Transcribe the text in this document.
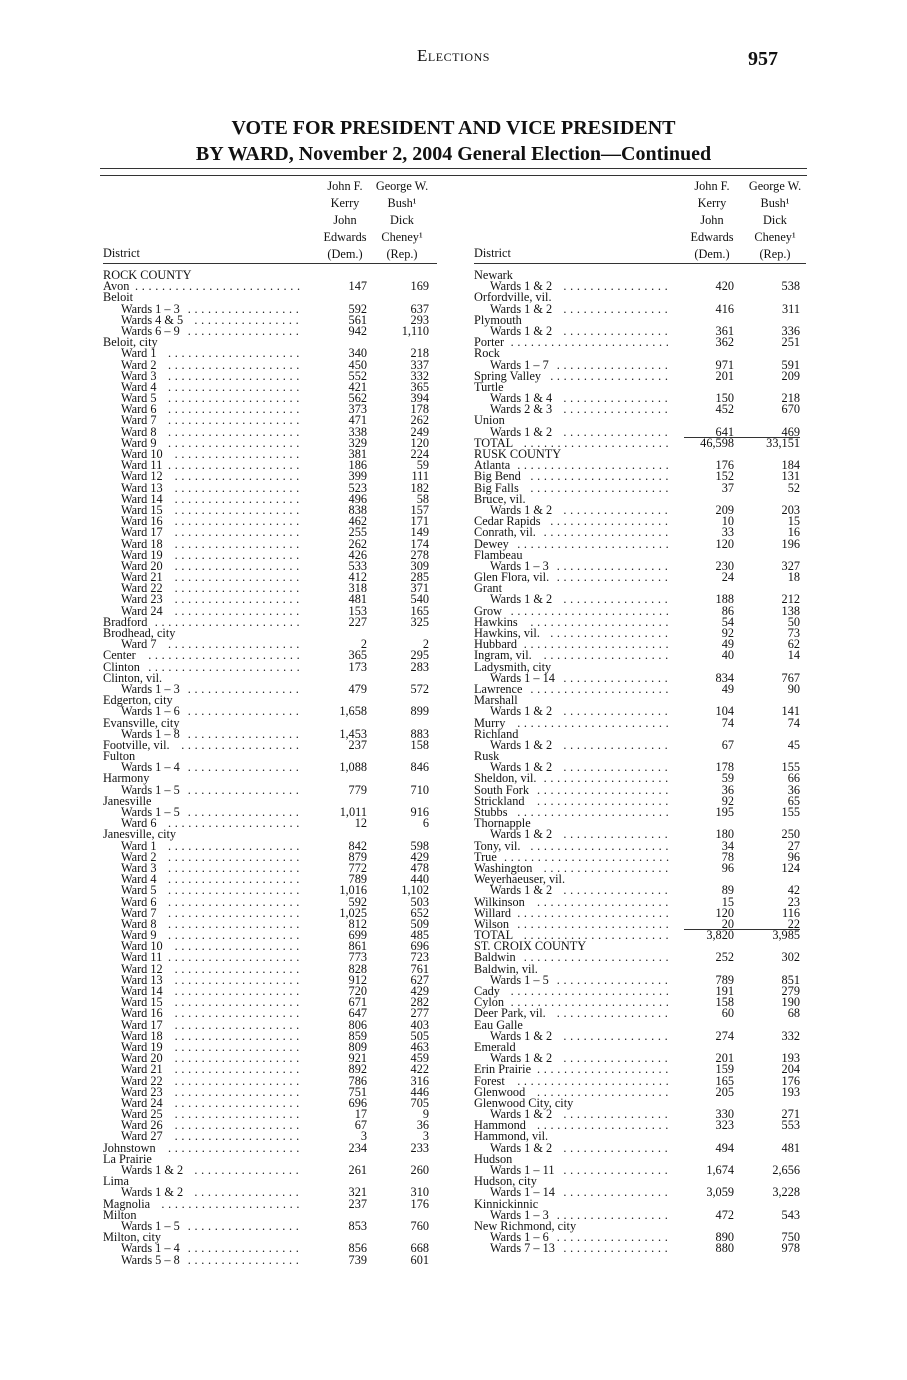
Elections	957
VOTE FOR PRESIDENT AND VICE PRESIDENT
BY WARD, November 2, 2004 General Election—Continued
John F.
Kerry
John
Edwards
(Dem.)
George W.
Bush¹
Dick
Cheney¹
(Rep.)
District
ROCK COUNTY
Avon . . . . . . . . . . . . . . . . . . . . . . . . .	147	169
Beloit
Wards 1 – 3 . . . . . . . . . . . . . . . . .	592	637
Wards 4 & 5 . . . . . . . . . . . . . . . .	561	293
Wards 6 – 9 . . . . . . . . . . . . . . . . .	942	1,110
Beloit, city
Ward 1 . . . . . . . . . . . . . . . . . . . .	340	218
Ward 2 . . . . . . . . . . . . . . . . . . . .	450	337
Ward 3 . . . . . . . . . . . . . . . . . . . .	552	332
Ward 4 . . . . . . . . . . . . . . . . . . . .	421	365
Ward 5 . . . . . . . . . . . . . . . . . . . .	562	394
Ward 6 . . . . . . . . . . . . . . . . . . . .	373	178
Ward 7 . . . . . . . . . . . . . . . . . . . .	471	262
Ward 8 . . . . . . . . . . . . . . . . . . . .	338	249
Ward 9 . . . . . . . . . . . . . . . . . . . .	329	120
Ward 10 . . . . . . . . . . . . . . . . . . .	381	224
Ward 11 . . . . . . . . . . . . . . . . . . . .	186	59
Ward 12 . . . . . . . . . . . . . . . . . . .	399	111
Ward 13 . . . . . . . . . . . . . . . . . . .	523	182
Ward 14 . . . . . . . . . . . . . . . . . . .	496	58
Ward 15 . . . . . . . . . . . . . . . . . . .	838	157
Ward 16 . . . . . . . . . . . . . . . . . . .	462	171
Ward 17 . . . . . . . . . . . . . . . . . . .	255	149
Ward 18 . . . . . . . . . . . . . . . . . . .	262	174
Ward 19 . . . . . . . . . . . . . . . . . . .	426	278
Ward 20 . . . . . . . . . . . . . . . . . . .	533	309
Ward 21 . . . . . . . . . . . . . . . . . . .	412	285
Ward 22 . . . . . . . . . . . . . . . . . . .	318	371
Ward 23 . . . . . . . . . . . . . . . . . . .	481	540
Ward 24 . . . . . . . . . . . . . . . . . . .	153	165
Bradford . . . . . . . . . . . . . . . . . . . . . .	227	325
Brodhead, city
Ward 7 . . . . . . . . . . . . . . . . . . . .	2	2
Center . . . . . . . . . . . . . . . . . . . . . . .	365	295
Clinton . . . . . . . . . . . . . . . . . . . . . . .	173	283
Clinton, vil.
Wards 1 – 3 . . . . . . . . . . . . . . . . .	479	572
Edgerton, city
Wards 1 – 6 . . . . . . . . . . . . . . . . .	1,658	899
Evansville, city
Wards 1 – 8 . . . . . . . . . . . . . . . . .	1,453	883
Footville, vil. . . . . . . . . . . . . . . . . . .	237	158
Fulton
Wards 1 – 4 . . . . . . . . . . . . . . . . .	1,088	846
Harmony
Wards 1 – 5 . . . . . . . . . . . . . . . . .	779	710
Janesville
Wards 1 – 5 . . . . . . . . . . . . . . . . .	1,011	916
Ward 6 . . . . . . . . . . . . . . . . . . . .	12	6
Janesville, city
Ward 1 . . . . . . . . . . . . . . . . . . . .	842	598
Ward 2 . . . . . . . . . . . . . . . . . . . .	879	429
Ward 3 . . . . . . . . . . . . . . . . . . . .	772	478
Ward 4 . . . . . . . . . . . . . . . . . . . .	789	440
Ward 5 . . . . . . . . . . . . . . . . . . . .	1,016	1,102
Ward 6 . . . . . . . . . . . . . . . . . . . .	592	503
Ward 7 . . . . . . . . . . . . . . . . . . . .	1,025	652
Ward 8 . . . . . . . . . . . . . . . . . . . .	812	509
Ward 9 . . . . . . . . . . . . . . . . . . . .	699	485
Ward 10 . . . . . . . . . . . . . . . . . . .	861	696
Ward 11 . . . . . . . . . . . . . . . . . . . .	773	723
Ward 12 . . . . . . . . . . . . . . . . . . .	828	761
Ward 13 . . . . . . . . . . . . . . . . . . .	912	627
Ward 14 . . . . . . . . . . . . . . . . . . .	720	429
Ward 15 . . . . . . . . . . . . . . . . . . .	671	282
Ward 16 . . . . . . . . . . . . . . . . . . .	647	277
Ward 17 . . . . . . . . . . . . . . . . . . .	806	403
Ward 18 . . . . . . . . . . . . . . . . . . .	859	505
Ward 19 . . . . . . . . . . . . . . . . . . .	809	463
Ward 20 . . . . . . . . . . . . . . . . . . .	921	459
Ward 21 . . . . . . . . . . . . . . . . . . .	892	422
Ward 22 . . . . . . . . . . . . . . . . . . .	786	316
Ward 23 . . . . . . . . . . . . . . . . . . .	751	446
Ward 24 . . . . . . . . . . . . . . . . . . .	696	705
Ward 25 . . . . . . . . . . . . . . . . . . .	17	9
Ward 26 . . . . . . . . . . . . . . . . . . .	67	36
Ward 27 . . . . . . . . . . . . . . . . . . .	3	3
Johnstown . . . . . . . . . . . . . . . . . . . .	234	233
La Prairie
Wards 1 & 2 . . . . . . . . . . . . . . . .	261	260
Lima
Wards 1 & 2 . . . . . . . . . . . . . . . .	321	310
Magnolia . . . . . . . . . . . . . . . . . . . . .	237	176
Milton
Wards 1 – 5 . . . . . . . . . . . . . . . . .	853	760
Milton, city
Wards 1 – 4 . . . . . . . . . . . . . . . . .	856	668
Wards 5 – 8 . . . . . . . . . . . . . . . . .	739	601
John F.
Kerry
John
Edwards
(Dem.)
George W.
Bush¹
Dick
Cheney¹
(Rep.)
District
Newark
Wards 1 & 2 . . . . . . . . . . . . . . . .	420	538
Orfordville, vil.
Wards 1 & 2 . . . . . . . . . . . . . . . .	416	311
Plymouth
Wards 1 & 2 . . . . . . . . . . . . . . . .	361	336
Porter . . . . . . . . . . . . . . . . . . . . . . . .	362	251
Rock
Wards 1 – 7 . . . . . . . . . . . . . . . . .	971	591
Spring Valley . . . . . . . . . . . . . . . . . .	201	209
Turtle
Wards 1 & 4 . . . . . . . . . . . . . . . .	150	218
Wards 2 & 3 . . . . . . . . . . . . . . . .	452	670
Union
Wards 1 & 2 . . . . . . . . . . . . . . . .	641	469
TOTAL . . . . . . . . . . . . . . . . . . . . . .	46,598	33,151
RUSK COUNTY
Atlanta . . . . . . . . . . . . . . . . . . . . . . .	176	184
Big Bend . . . . . . . . . . . . . . . . . . . . .	152	131
Big Falls . . . . . . . . . . . . . . . . . . . . .	37	52
Bruce, vil.
Wards 1 & 2 . . . . . . . . . . . . . . . .	209	203
Cedar Rapids . . . . . . . . . . . . . . . . . .	10	15
Conrath, vil. . . . . . . . . . . . . . . . . . . .	33	16
Dewey . . . . . . . . . . . . . . . . . . . . . . .	120	196
Flambeau
Wards 1 – 3 . . . . . . . . . . . . . . . . .	230	327
Glen Flora, vil. . . . . . . . . . . . . . . . . .	24	18
Grant
Wards 1 & 2 . . . . . . . . . . . . . . . .	188	212
Grow . . . . . . . . . . . . . . . . . . . . . . . .	86	138
Hawkins . . . . . . . . . . . . . . . . . . . . .	54	50
Hawkins, vil. . . . . . . . . . . . . . . . . . .	92	73
Hubbard . . . . . . . . . . . . . . . . . . . . . .	49	62
Ingram, vil. . . . . . . . . . . . . . . . . . . .	40	14
Ladysmith, city
Wards 1 – 14 . . . . . . . . . . . . . . . .	834	767
Lawrence . . . . . . . . . . . . . . . . . . . . .	49	90
Marshall
Wards 1 & 2 . . . . . . . . . . . . . . . .	104	141
Murry . . . . . . . . . . . . . . . . . . . . . . .	74	74
Richland
Wards 1 & 2 . . . . . . . . . . . . . . . .	67	45
Rusk
Wards 1 & 2 . . . . . . . . . . . . . . . .	178	155
Sheldon, vil. . . . . . . . . . . . . . . . . . . .	59	66
South Fork . . . . . . . . . . . . . . . . . . . .	36	36
Strickland . . . . . . . . . . . . . . . . . . . .	92	65
Stubbs . . . . . . . . . . . . . . . . . . . . . . .	195	155
Thornapple
Wards 1 & 2 . . . . . . . . . . . . . . . .	180	250
Tony, vil. . . . . . . . . . . . . . . . . . . . . .	34	27
True . . . . . . . . . . . . . . . . . . . . . . . . .	78	96
Washington . . . . . . . . . . . . . . . . . . .	96	124
Weyerhaeuser, vil.
Wards 1 & 2 . . . . . . . . . . . . . . . .	89	42
Wilkinson . . . . . . . . . . . . . . . . . . . .	15	23
Willard . . . . . . . . . . . . . . . . . . . . . . .	120	116
Wilson . . . . . . . . . . . . . . . . . . . . . . .	20	22
TOTAL . . . . . . . . . . . . . . . . . . . . . .	3,820	3,985
ST. CROIX COUNTY
Baldwin . . . . . . . . . . . . . . . . . . . . . .	252	302
Baldwin, vil.
Wards 1 – 5 . . . . . . . . . . . . . . . . .	789	851
Cady . . . . . . . . . . . . . . . . . . . . . . . .	191	279
Cylon . . . . . . . . . . . . . . . . . . . . . . . .	158	190
Deer Park, vil. . . . . . . . . . . . . . . . . .	60	68
Eau Galle
Wards 1 & 2 . . . . . . . . . . . . . . . .	274	332
Emerald
Wards 1 & 2 . . . . . . . . . . . . . . . .	201	193
Erin Prairie . . . . . . . . . . . . . . . . . . . .	159	204
Forest . . . . . . . . . . . . . . . . . . . . . . .	165	176
Glenwood . . . . . . . . . . . . . . . . . . . .	205	193
Glenwood City, city
Wards 1 & 2 . . . . . . . . . . . . . . . .	330	271
Hammond . . . . . . . . . . . . . . . . . . . .	323	553
Hammond, vil.
Wards 1 & 2 . . . . . . . . . . . . . . . .	494	481
Hudson
Wards 1 – 11 . . . . . . . . . . . . . . . .	1,674	2,656
Hudson, city
Wards 1 – 14 . . . . . . . . . . . . . . . .	3,059	3,228
Kinnickinnic
Wards 1 – 3 . . . . . . . . . . . . . . . . .	472	543
New Richmond, city
Wards 1 – 6 . . . . . . . . . . . . . . . . .	890	750
Wards 7 – 13 . . . . . . . . . . . . . . . .	880	978
